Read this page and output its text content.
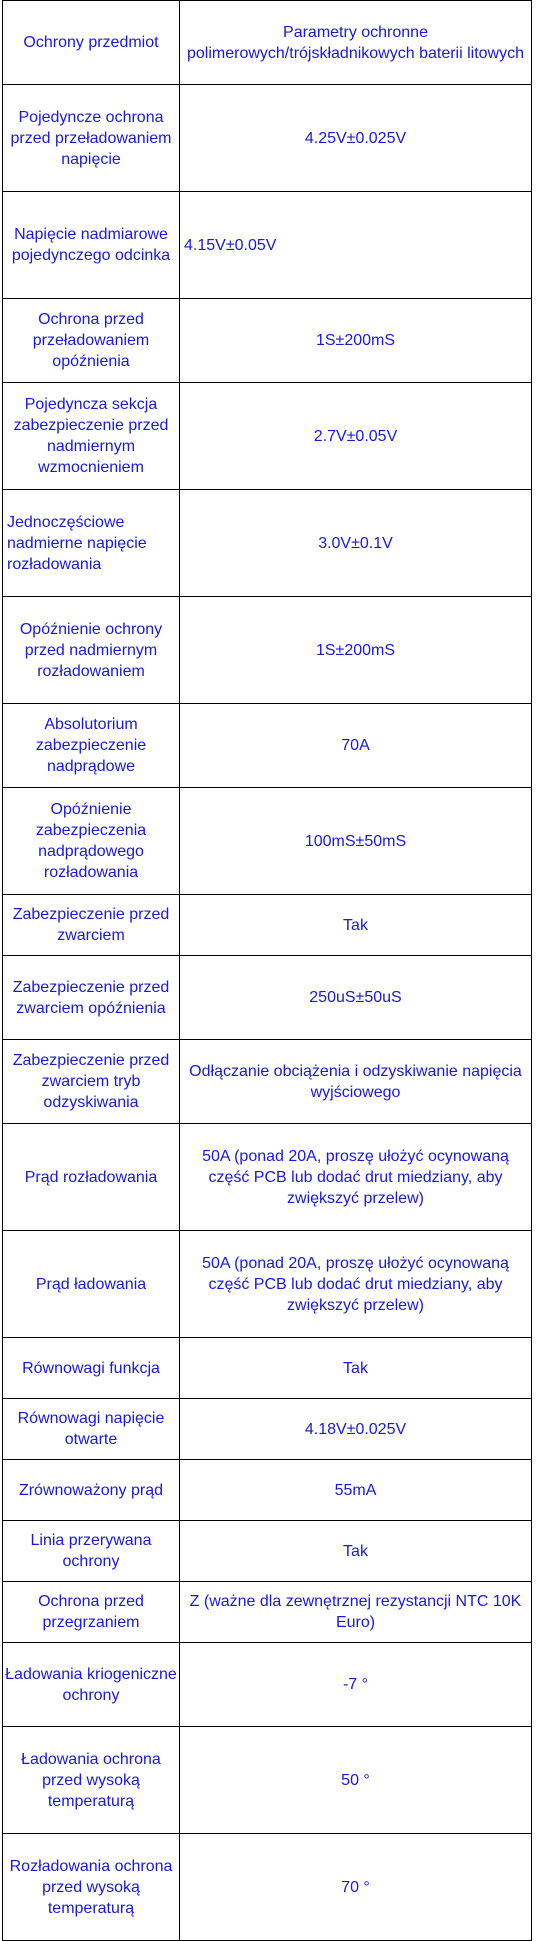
Ochrony przedmiot	Parametry ochronne polimerowych/trójskładnikowych baterii litowych
Pojedyncze ochrona przed przeładowaniem napięcie	4.25V±0.025V
Napięcie nadmiarowe pojedynczego odcinka	4.15V±0.05V
Ochrona przed przeładowaniem opóźnienia	1S±200mS
Pojedyncza sekcja zabezpieczenie przed nadmiernym wzmocnieniem	2.7V±0.05V
Jednoczęściowe nadmierne napięcie rozładowania	3.0V±0.1V
Opóźnienie ochrony przed nadmiernym rozładowaniem	1S±200mS
Absolutorium zabezpieczenie nadprądowe	70A
Opóźnienie zabezpieczenia nadprądowego rozładowania	100mS±50mS
Zabezpieczenie przed zwarciem	Tak
Zabezpieczenie przed zwarciem opóźnienia	250uS±50uS
Zabezpieczenie przed zwarciem tryb odzyskiwania	Odłączanie obciążenia i odzyskiwanie napięcia wyjściowego
Prąd rozładowania	50A (ponad 20A, proszę ułożyć ocynowaną część PCB lub dodać drut miedziany, aby zwiększyć przelew)
Prąd ładowania	50A (ponad 20A, proszę ułożyć ocynowaną część PCB lub dodać drut miedziany, aby zwiększyć przelew)
Równowagi funkcja	Tak
Równowagi napięcie otwarte	4.18V±0.025V
Zrównoważony prąd	55mA
Linia przerywana ochrony	Tak
Ochrona przed przegrzaniem	Z (ważne dla zewnętrznej rezystancji NTC 10K Euro)
Ładowania kriogeniczne ochrony	-7 °
Ładowania ochrona przed wysoką temperaturą	50 °
Rozładowania ochrona przed wysoką temperaturą	70 °
